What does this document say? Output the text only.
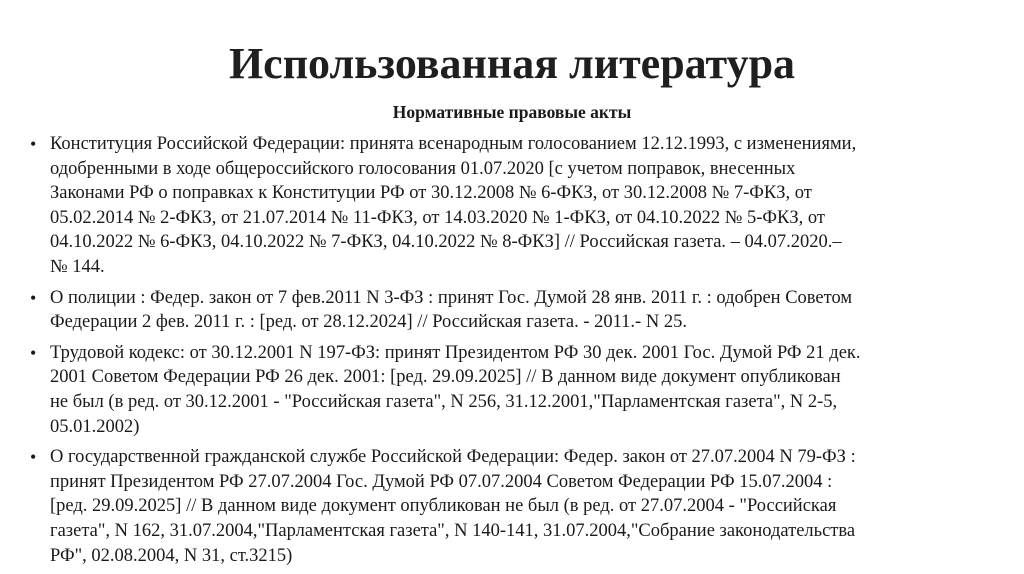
Использованная литература
Нормативные правовые акты
• Конституция Российской Федерации: принята всенародным голосованием 12.12.1993, с изменениями,
одобренными в ходе общероссийского голосования 01.07.2020 [с учетом поправок, внесенных
Законами РФ о поправках к Конституции РФ от 30.12.2008 № 6-ФКЗ, от 30.12.2008 № 7-ФКЗ, от
05.02.2014 № 2-ФКЗ, от 21.07.2014 № 11-ФКЗ, от 14.03.2020 № 1-ФКЗ, от 04.10.2022 № 5-ФКЗ, от
04.10.2022 № 6-ФКЗ, 04.10.2022 № 7-ФКЗ, 04.10.2022 № 8-ФКЗ] // Российская газета. – 04.07.2020.–
№ 144.
• О полиции : Федер. закон от 7 фев.2011 N 3-ФЗ : принят Гос. Думой 28 янв. 2011 г. : одобрен Советом
Федерации 2 фев. 2011 г. : [ред. от 28.12.2024] // Российская газета. - 2011.- N 25.
• Трудовой кодекс: от 30.12.2001 N 197-ФЗ: принят Президентом РФ 30 дек. 2001 Гос. Думой РФ 21 дек.
2001 Советом Федерации РФ 26 дек. 2001: [ред. 29.09.2025] // В данном виде документ опубликован
не был (в ред. от 30.12.2001 - "Российская газета", N 256, 31.12.2001,"Парламентская газета", N 2-5,
05.01.2002)
• О государственной гражданской службе Российской Федерации: Федер. закон от 27.07.2004 N 79-ФЗ :
принят Президентом РФ 27.07.2004 Гос. Думой РФ 07.07.2004 Советом Федерации РФ 15.07.2004 :
[ред. 29.09.2025] // В данном виде документ опубликован не был (в ред. от 27.07.2004 - "Российская
газета", N 162, 31.07.2004,"Парламентская газета", N 140-141, 31.07.2004,"Собрание законодательства
РФ", 02.08.2004, N 31, ст.3215)
